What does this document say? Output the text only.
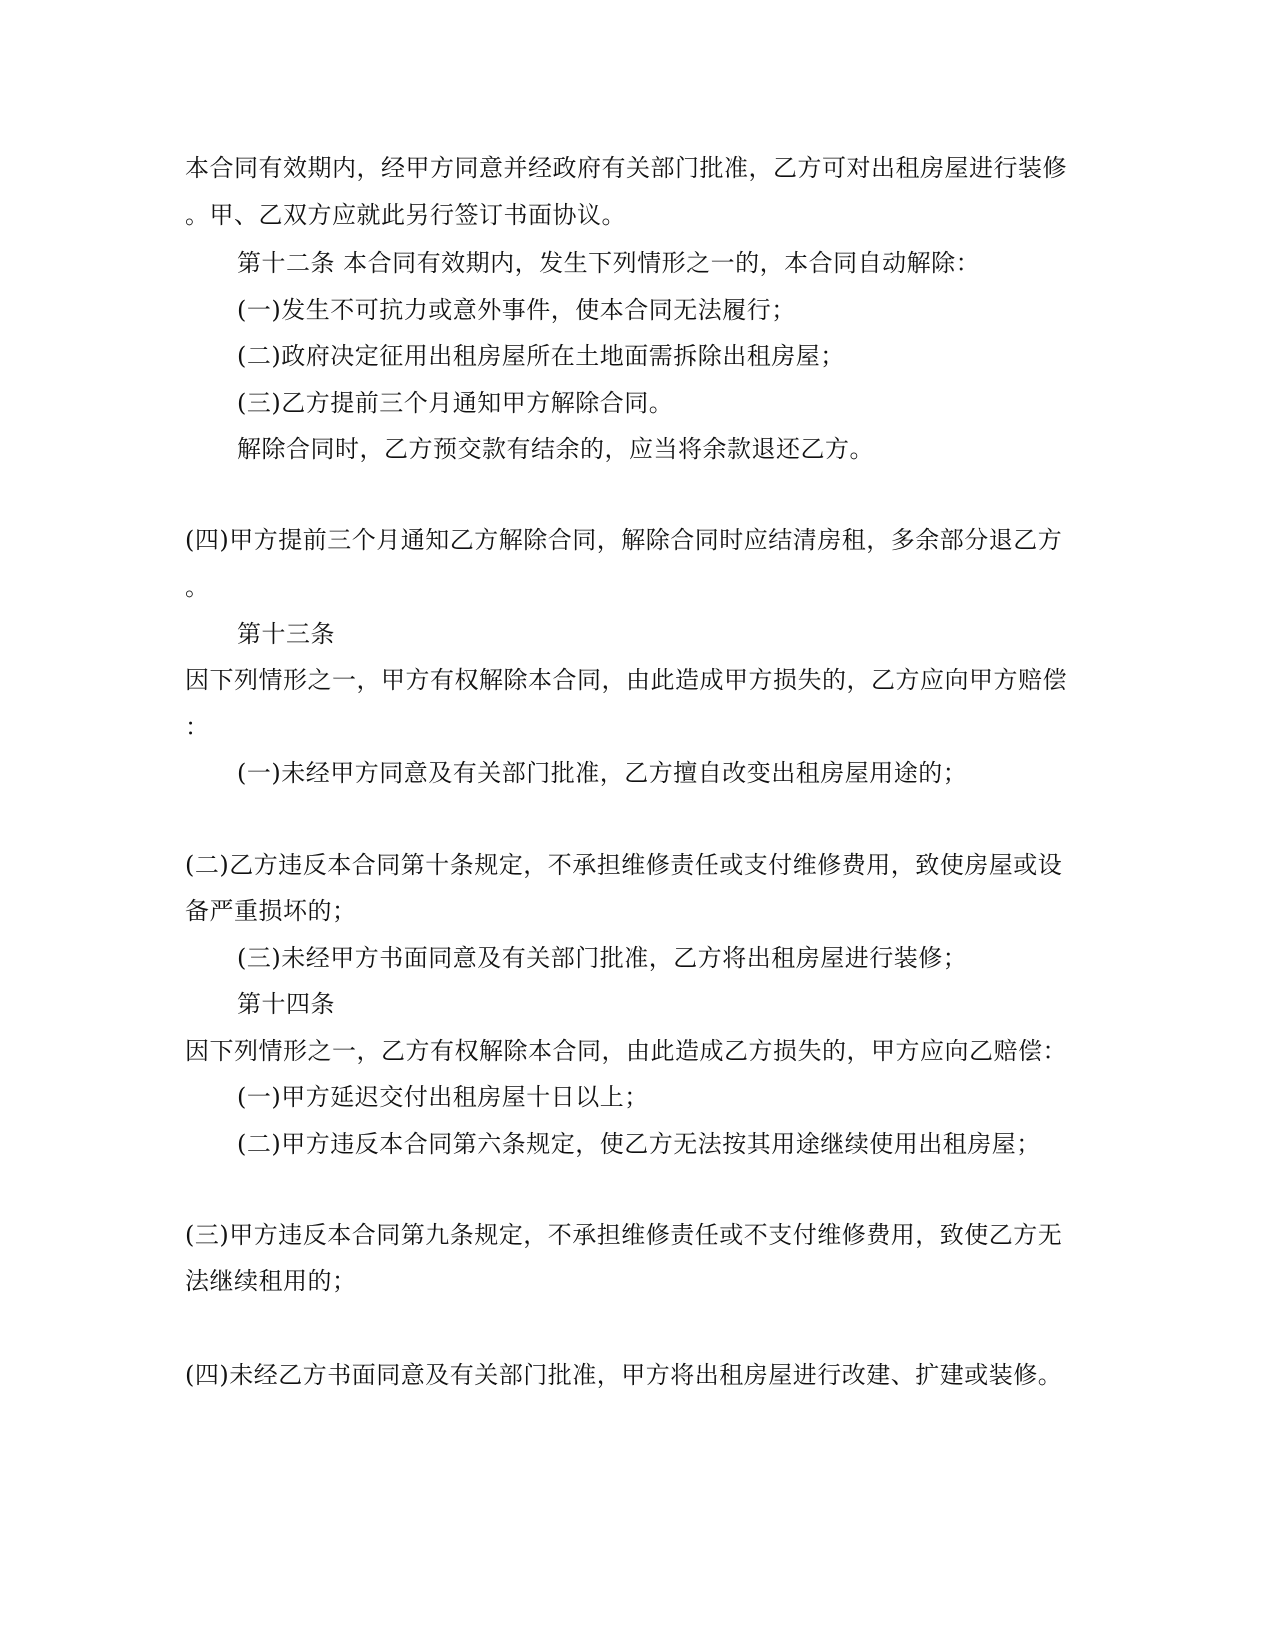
本合同有效期内，经甲方同意并经政府有关部门批准，乙方可对出租房屋进行装修
。甲、乙双方应就此另行签订书面协议。
第十二条 本合同有效期内，发生下列情形之一的，本合同自动解除：
(一)发生不可抗力或意外事件，使本合同无法履行；
(二)政府决定征用出租房屋所在土地面需拆除出租房屋；
(三)乙方提前三个月通知甲方解除合同。
解除合同时，乙方预交款有结余的，应当将余款退还乙方。
(四)甲方提前三个月通知乙方解除合同，解除合同时应结清房租，多余部分退乙方
。
第十三条
因下列情形之一，甲方有权解除本合同，由此造成甲方损失的，乙方应向甲方赔偿
：
(一)未经甲方同意及有关部门批准，乙方擅自改变出租房屋用途的；
(二)乙方违反本合同第十条规定，不承担维修责任或支付维修费用，致使房屋或设
备严重损坏的；
(三)未经甲方书面同意及有关部门批准，乙方将出租房屋进行装修；
第十四条
因下列情形之一，乙方有权解除本合同，由此造成乙方损失的，甲方应向乙赔偿：
(一)甲方延迟交付出租房屋十日以上；
(二)甲方违反本合同第六条规定，使乙方无法按其用途继续使用出租房屋；
(三)甲方违反本合同第九条规定，不承担维修责任或不支付维修费用，致使乙方无
法继续租用的；
(四)未经乙方书面同意及有关部门批准，甲方将出租房屋进行改建、扩建或装修。
